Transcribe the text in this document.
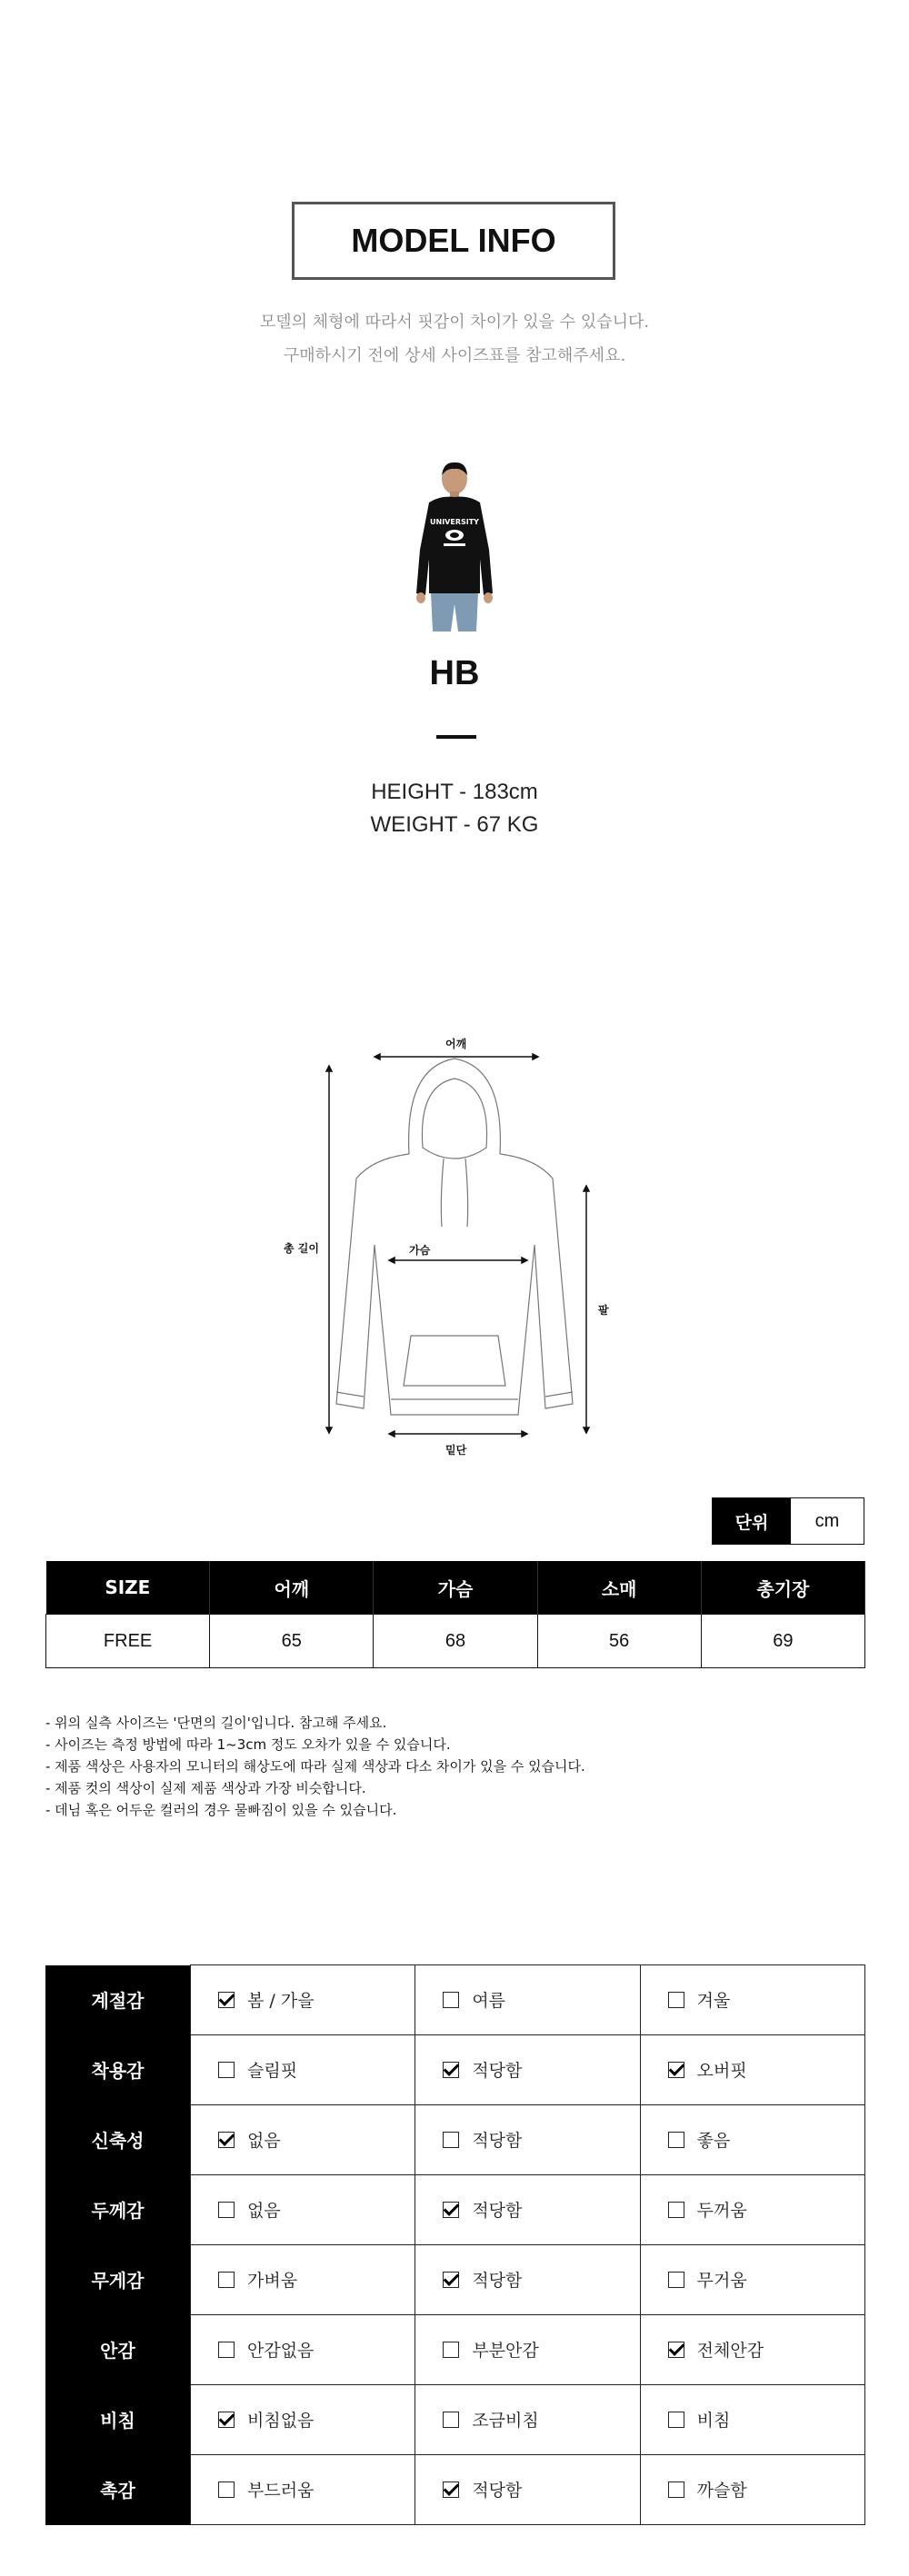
MODEL INFO
모델의 체형에 따라서 핏감이 차이가 있을 수 있습니다.
구매하시기 전에 상세 사이즈표를 참고해주세요.
UNIVERSITY
HB
HEIGHT - 183cm
WEIGHT - 67 KG
어깨
가슴
총 길이
팔
밑단
단위	cm
SIZE	어깨	가슴	소매	총기장
FREE	65	68	56	69
- 위의 실측 사이즈는 '단면의 길이'입니다. 참고해 주세요.
- 사이즈는 측정 방법에 따라 1~3cm 정도 오차가 있을 수 있습니다.
- 제품 색상은 사용자의 모니터의 해상도에 따라 실제 색상과 다소 차이가 있을 수 있습니다.
- 제품 컷의 색상이 실제 제품 색상과 가장 비슷합니다.
- 데님 혹은 어두운 컬러의 경우 물빠짐이 있을 수 있습니다.
계절감	봄 / 가을	여름	겨울

착용감	슬림핏	적당함	오버핏

신축성	없음	적당함	좋음

두께감	없음	적당함	두꺼움

무게감	가벼움	적당함	무거움

안감	안감없음	부분안감	전체안감

비침	비침없음	조금비침	비침

촉감	부드러움	적당함	까슬함
